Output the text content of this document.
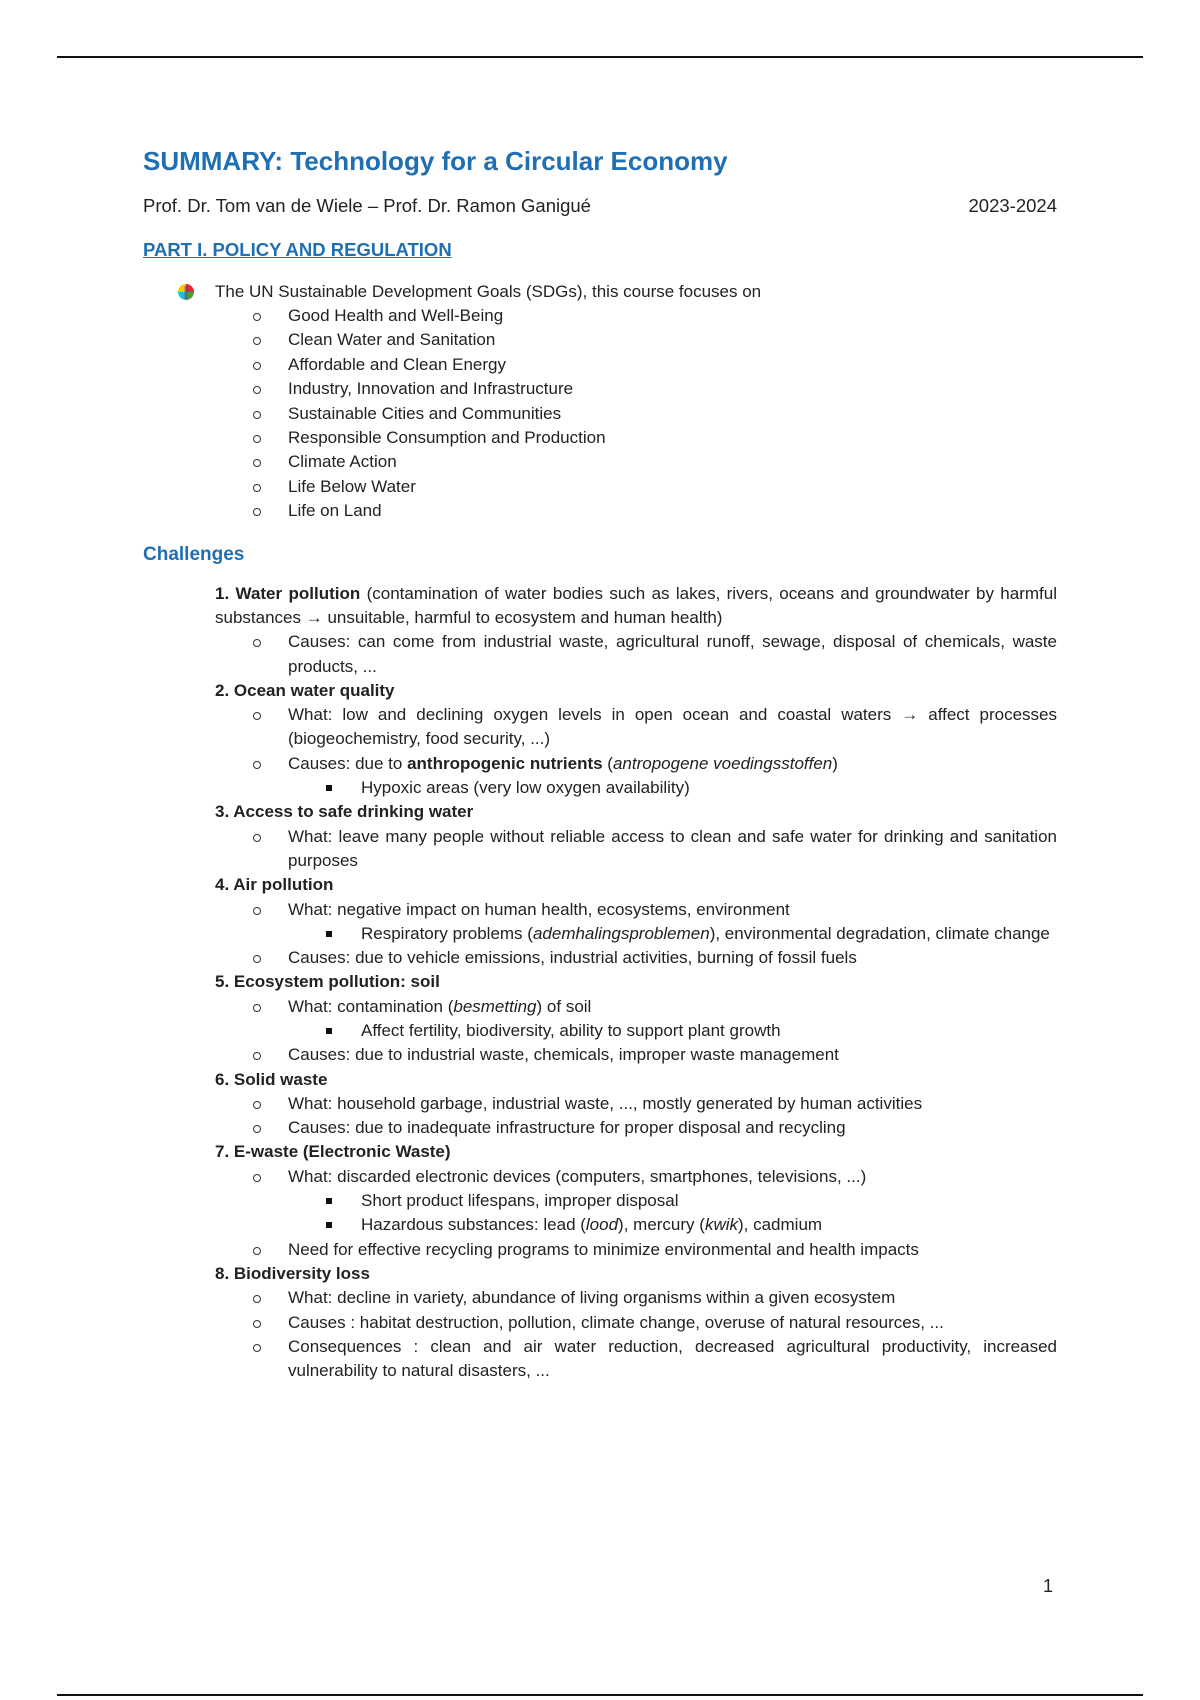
SUMMARY: Technology for a Circular Economy
Prof. Dr. Tom van de Wiele – Prof. Dr. Ramon Ganigué	2023-2024
PART I. POLICY AND REGULATION
The UN Sustainable Development Goals (SDGs), this course focuses on
Good Health and Well-Being
Clean Water and Sanitation
Affordable and Clean Energy
Industry, Innovation and Infrastructure
Sustainable Cities and Communities
Responsible Consumption and Production
Climate Action
Life Below Water
Life on Land
Challenges
1. Water pollution (contamination of water bodies such as lakes, rivers, oceans and groundwater by harmful substances → unsuitable, harmful to ecosystem and human health)
Causes: can come from industrial waste, agricultural runoff, sewage, disposal of chemicals, waste products, ...
2. Ocean water quality
What: low and declining oxygen levels in open ocean and coastal waters → affect processes (biogeochemistry, food security, ...)
Causes: due to anthropogenic nutrients (antropogene voedingsstoffen)
Hypoxic areas (very low oxygen availability)
3. Access to safe drinking water
What: leave many people without reliable access to clean and safe water for drinking and sanitation purposes
4. Air pollution
What: negative impact on human health, ecosystems, environment
Respiratory problems (ademhalingsproblemen), environmental degradation, climate change
Causes: due to vehicle emissions, industrial activities, burning of fossil fuels
5. Ecosystem pollution: soil
What: contamination (besmetting) of soil
Affect fertility, biodiversity, ability to support plant growth
Causes: due to industrial waste, chemicals, improper waste management
6. Solid waste
What: household garbage, industrial waste, ..., mostly generated by human activities
Causes: due to inadequate infrastructure for proper disposal and recycling
7. E-waste (Electronic Waste)
What: discarded electronic devices (computers, smartphones, televisions, ...)
Short product lifespans, improper disposal
Hazardous substances: lead (lood), mercury (kwik), cadmium
Need for effective recycling programs to minimize environmental and health impacts
8. Biodiversity loss
What: decline in variety, abundance of living organisms within a given ecosystem
Causes : habitat destruction, pollution, climate change, overuse of natural resources, ...
Consequences : clean and air water reduction, decreased agricultural productivity, increased vulnerability to natural disasters, ...
1
